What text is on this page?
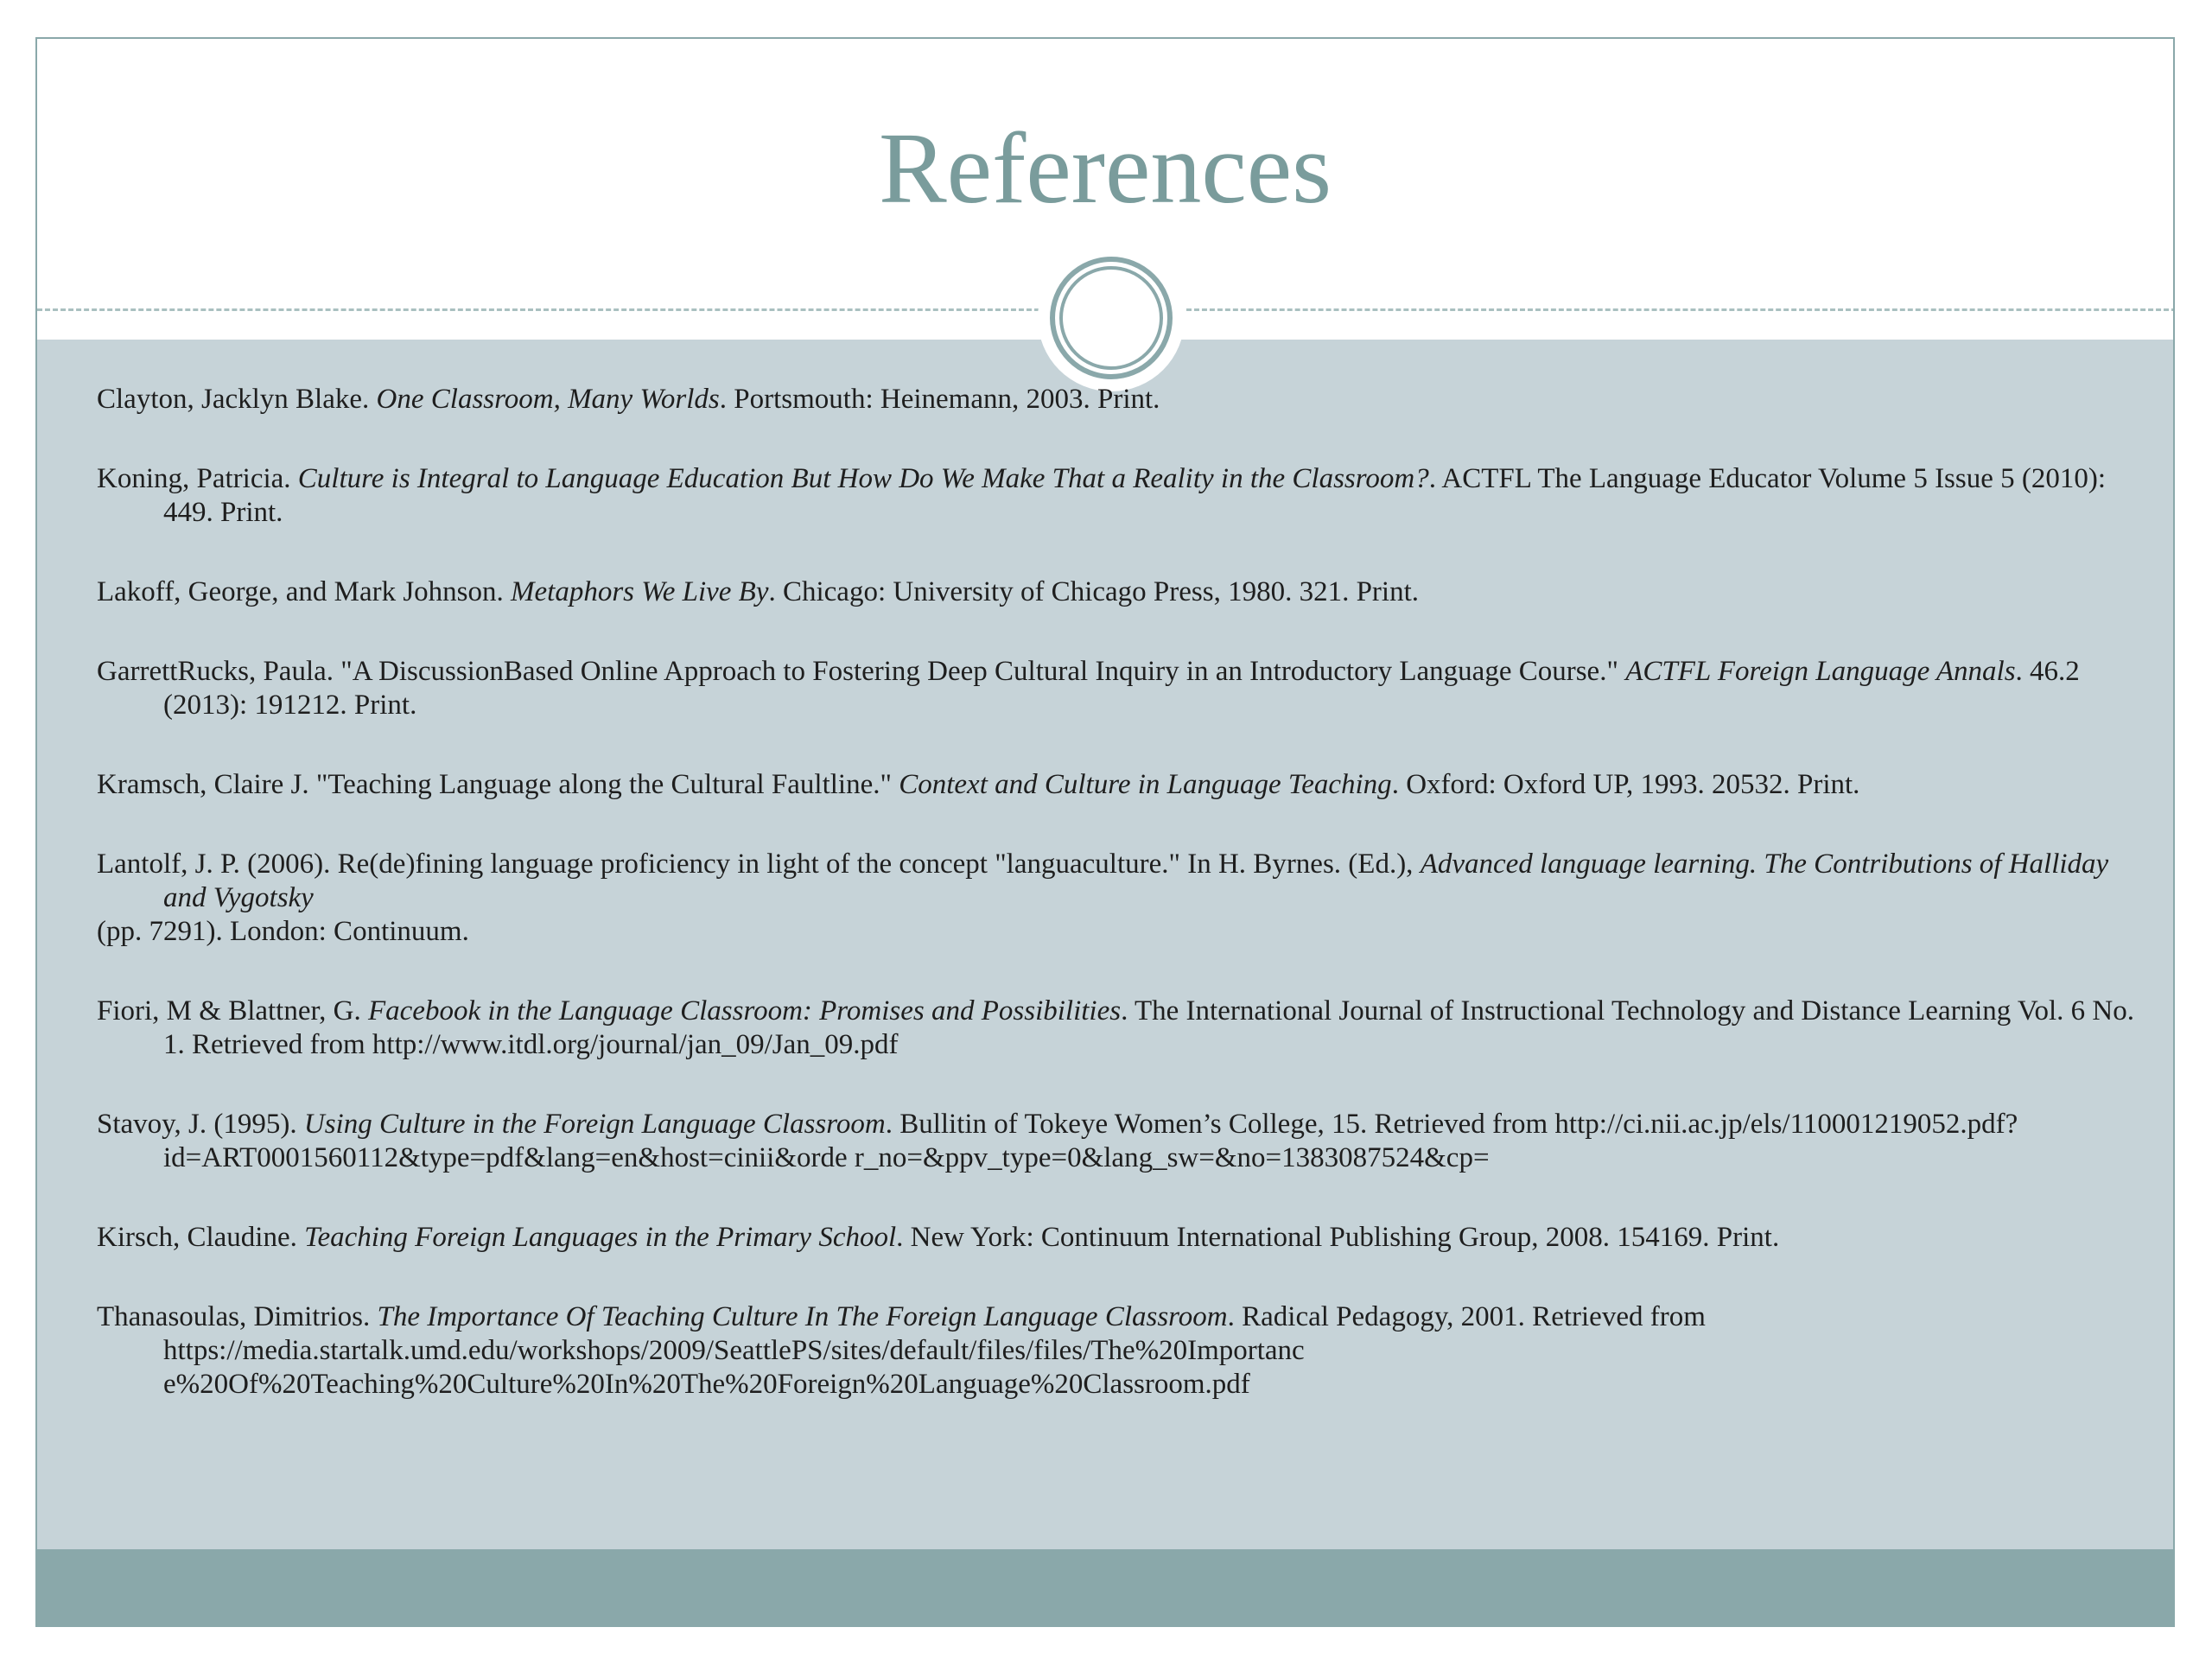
References
Clayton, Jacklyn Blake. One Classroom, Many Worlds. Portsmouth: Heinemann, 2003. Print.
Koning, Patricia. Culture is Integral to Language Education But How Do We Make That a Reality in the Classroom?. ACTFL The Language Educator Volume 5 Issue 5 (2010): 449. Print.
Lakoff, George, and Mark Johnson. Metaphors We Live By. Chicago: University of Chicago Press, 1980. 321. Print.
GarrettRucks, Paula. "A DiscussionBased Online Approach to Fostering Deep Cultural Inquiry in an Introductory Language Course." ACTFL Foreign Language Annals. 46.2 (2013): 191212. Print.
Kramsch, Claire J. "Teaching Language along the Cultural Faultline." Context and Culture in Language Teaching. Oxford: Oxford UP, 1993. 20532. Print.
Lantolf, J. P. (2006). Re(de)fining language proficiency in light of the concept "languaculture." In H. Byrnes. (Ed.), Advanced language learning. The Contributions of Halliday and Vygotsky
(pp. 7291). London: Continuum.
Fiori, M & Blattner, G. Facebook in the Language Classroom: Promises and Possibilities. The International Journal of Instructional Technology and Distance Learning Vol. 6 No. 1. Retrieved from http://www.itdl.org/journal/jan_09/Jan_09.pdf
Stavoy, J. (1995). Using Culture in the Foreign Language Classroom. Bullitin of Tokeye Women’s College, 15. Retrieved from http://ci.nii.ac.jp/els/110001219052.pdf?id=ART0001560112&type=pdf&lang=en&host=cinii&orde r_no=&ppv_type=0&lang_sw=&no=1383087524&cp=
Kirsch, Claudine. Teaching Foreign Languages in the Primary School. New York: Continuum International Publishing Group, 2008. 154169. Print.
Thanasoulas, Dimitrios. The Importance Of Teaching Culture In The Foreign Language Classroom. Radical Pedagogy, 2001. Retrieved from https://media.startalk.umd.edu/workshops/2009/SeattlePS/sites/default/files/files/The%20Importanc e%20Of%20Teaching%20Culture%20In%20The%20Foreign%20Language%20Classroom.pdf
